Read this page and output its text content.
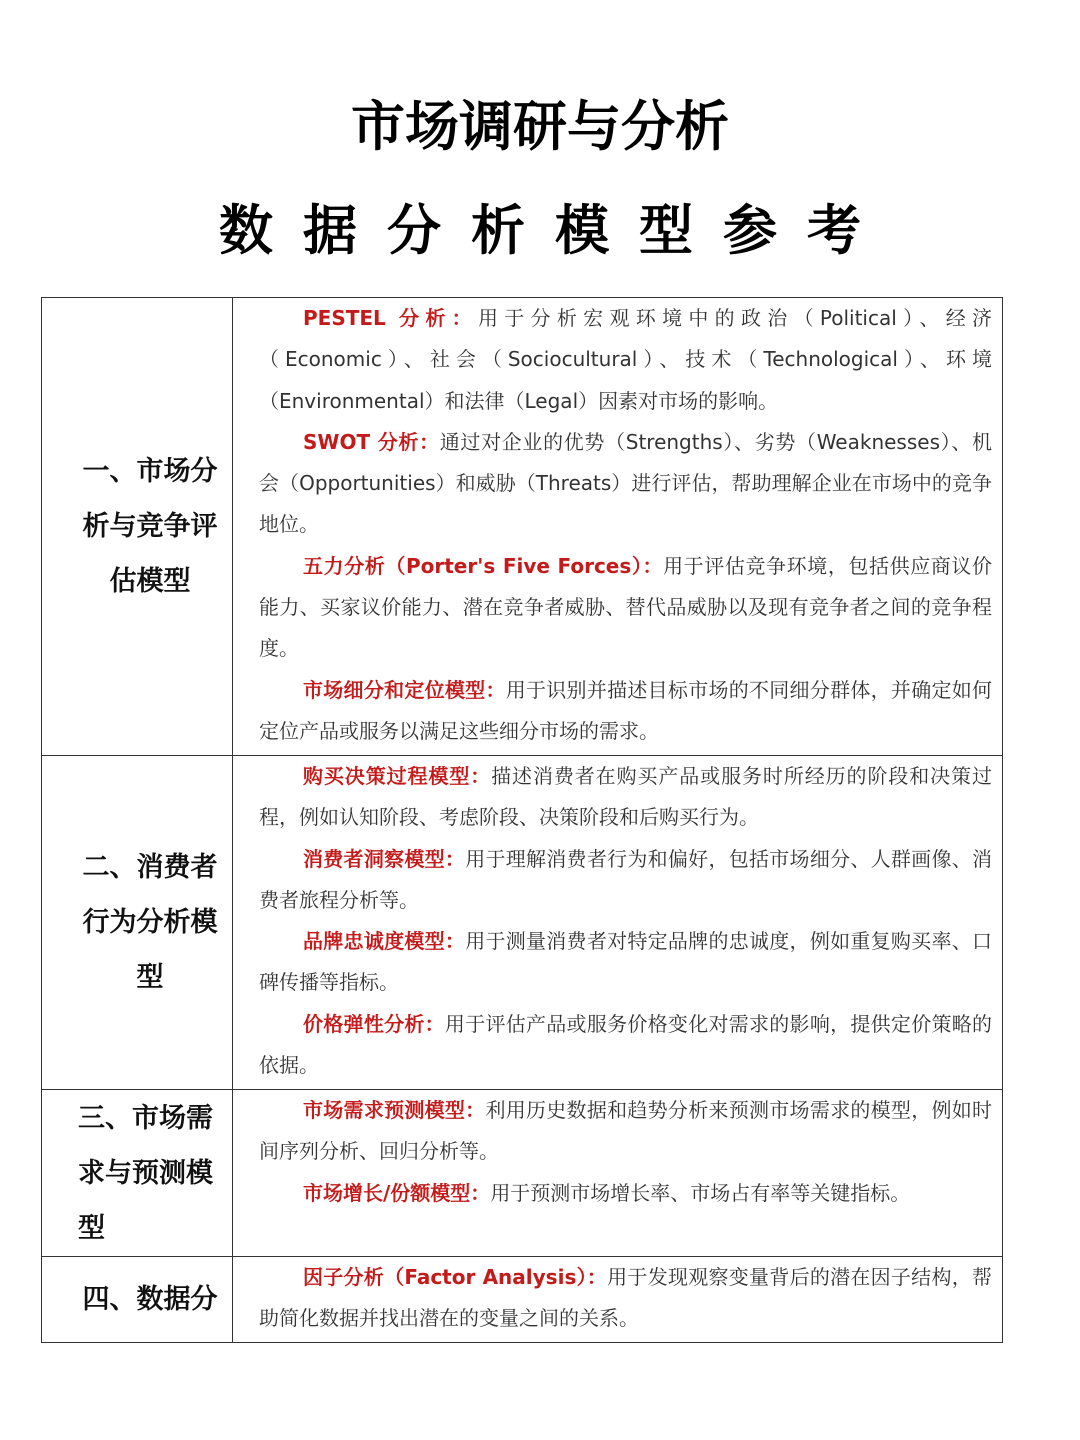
市场调研与分析
数据分析模型参考
一、市场分析与竞争评估模型	PESTEL 分析：用于分析宏观环境中的政治（Political）、经济（Economic）、社会（Sociocultural）、技术（Technological）、环境（Environmental）和法律（Legal）因素对市场的影响。

SWOT 分析：通过对企业的优势（Strengths）、劣势（Weaknesses）、机会（Opportunities）和威胁（Threats）进行评估，帮助理解企业在市场中的竞争地位。

五力分析（Porter's Five Forces）：用于评估竞争环境，包括供应商议价能力、买家议价能力、潜在竞争者威胁、替代品威胁以及现有竞争者之间的竞争程度。

市场细分和定位模型：用于识别并描述目标市场的不同细分群体，并确定如何定位产品或服务以满足这些细分市场的需求。

二、消费者行为分析模型	购买决策过程模型：描述消费者在购买产品或服务时所经历的阶段和决策过程，例如认知阶段、考虑阶段、决策阶段和后购买行为。

消费者洞察模型：用于理解消费者行为和偏好，包括市场细分、人群画像、消费者旅程分析等。

品牌忠诚度模型：用于测量消费者对特定品牌的忠诚度，例如重复购买率、口碑传播等指标。

价格弹性分析：用于评估产品或服务价格变化对需求的影响，提供定价策略的依据。

三、市场需求与预测模型	市场需求预测模型：利用历史数据和趋势分析来预测市场需求的模型，例如时间序列分析、回归分析等。

市场增长/份额模型：用于预测市场增长率、市场占有率等关键指标。

四、数据分	因子分析（Factor Analysis）：用于发现观察变量背后的潜在因子结构，帮助简化数据并找出潜在的变量之间的关系。
